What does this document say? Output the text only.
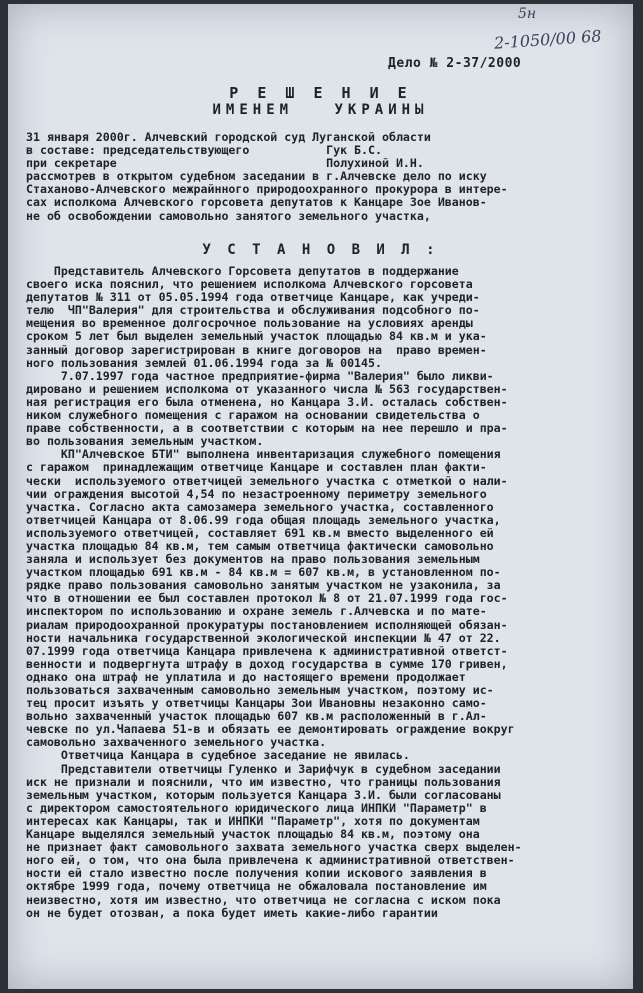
5н
2-1050/00 68
Дело № 2-37/2000
Р Е Ш Е Н И Е
ИМЕНЕМ УКРАИНЫ
31 января 2000г. Алчевский городской суд Луганской области
в составе: председательствующего           Гук Б.С.
при секретаре                              Полухиной И.Н.
рассмотрев в открытом судебном заседании в г.Алчевске дело по иску
Стаханово-Алчевского межрайнного природоохранного прокурора в интере-
сах исполкома Алчевского горсовета депутатов к Канцаре Зое Иванов-
не об освобождении самовольно занятого земельного участка,
У С Т А Н О В И Л :
Представитель Алчевского Горсовета депутатов в поддержание
своего иска пояснил, что решением исполкома Алчевского горсовета
депутатов № 311 от 05.05.1994 года ответчице Канцаре, как учреди-
телю  ЧП"Валерия" для строительства и обслуживания подсобного по-
мещения во временное долгосрочное пользование на условиях аренды
сроком 5 лет был выделен земельный участок площадью 84 кв.м и ука-
занный договор зарегистрирован в книге договоров на  право времен-
ного пользования землей 01.06.1994 года за № 00145.
7.07.1997 года частное предприятие-фирма "Валерия" было ликви-
дировано и решением исполкома от указанного числа № 563 государствен-
ная регистрация его была отменена, но Канцара З.И. осталась собствен-
ником служебного помещения с гаражом на основании свидетельства о
праве собственности, а в соответствии с которым на нее перешло и пра-
во пользования земельным участком.
КП"Алчевское БТИ" выполнена инвентаризация служебного помещения
с гаражом  принадлежащим ответчице Канцаре и составлен план факти-
чески  используемого ответчицей земельного участка с отметкой о нали-
чии ограждения высотой 4,54 по незастроенному периметру земельного
участка. Согласно акта самозамера земельного участка, составленного
ответчицей Канцара от 8.06.99 года общая площадь земельного участка,
используемого ответчицей, составляет 691 кв.м вместо выделенного ей
участка площадью 84 кв.м, тем самым ответчица фактически самовольно
заняла и использует без документов на право пользования земельным
участком площадью 691 кв.м - 84 кв.м = 607 кв.м, в установленном по-
рядке право пользования самовольно занятым участком не узаконила, за
что в отношении ее был составлен протокол № 8 от 21.07.1999 года гос-
инспектором по использованию и охране земель г.Алчевска и по мате-
риалам природоохранной прокуратуры постановлением исполняющей обязан-
ности начальника государственной экологической инспекции № 47 от 22.
07.1999 года ответчица Канцара привлечена к административной ответст-
венности и подвергнута штрафу в доход государства в сумме 170 гривен,
однако она штраф не уплатила и до настоящего времени продолжает
пользоваться захваченным самовольно земельным участком, поэтому ис-
тец просит изъять у ответчицы Канцары Зои Ивановны незаконно само-
вольно захваченный участок площадью 607 кв.м расположенный в г.Ал-
чевске по ул.Чапаева 51-в и обязать ее демонтировать ограждение вокруг
самовольно захваченного земельного участка.
Ответчица Канцара в судебное заседание не явилась.
Представители ответчицы Гуленко и Зарифчук в судебном заседании
иск не признали и пояснили, что им известно, что границы пользования
земельным участком, которым пользуется Канцара З.И. были согласованы
с директором самостоятельного юридического лица ИНПКИ "Параметр" в
интересах как Канцары, так и ИНПКИ "Параметр", хотя по документам
Канцаре выделялся земельный участок площадью 84 кв.м, поэтому она
не признает факт самовольного захвата земельного участка сверх выделен-
ного ей, о том, что она была привлечена к административной ответствен-
ности ей стало известно после получения копии искового заявления в
октябре 1999 года, почему ответчица не обжаловала постановление им
неизвестно, хотя им известно, что ответчица не согласна с иском пока
он не будет отозван, а пока будет иметь какие-либо гарантии
